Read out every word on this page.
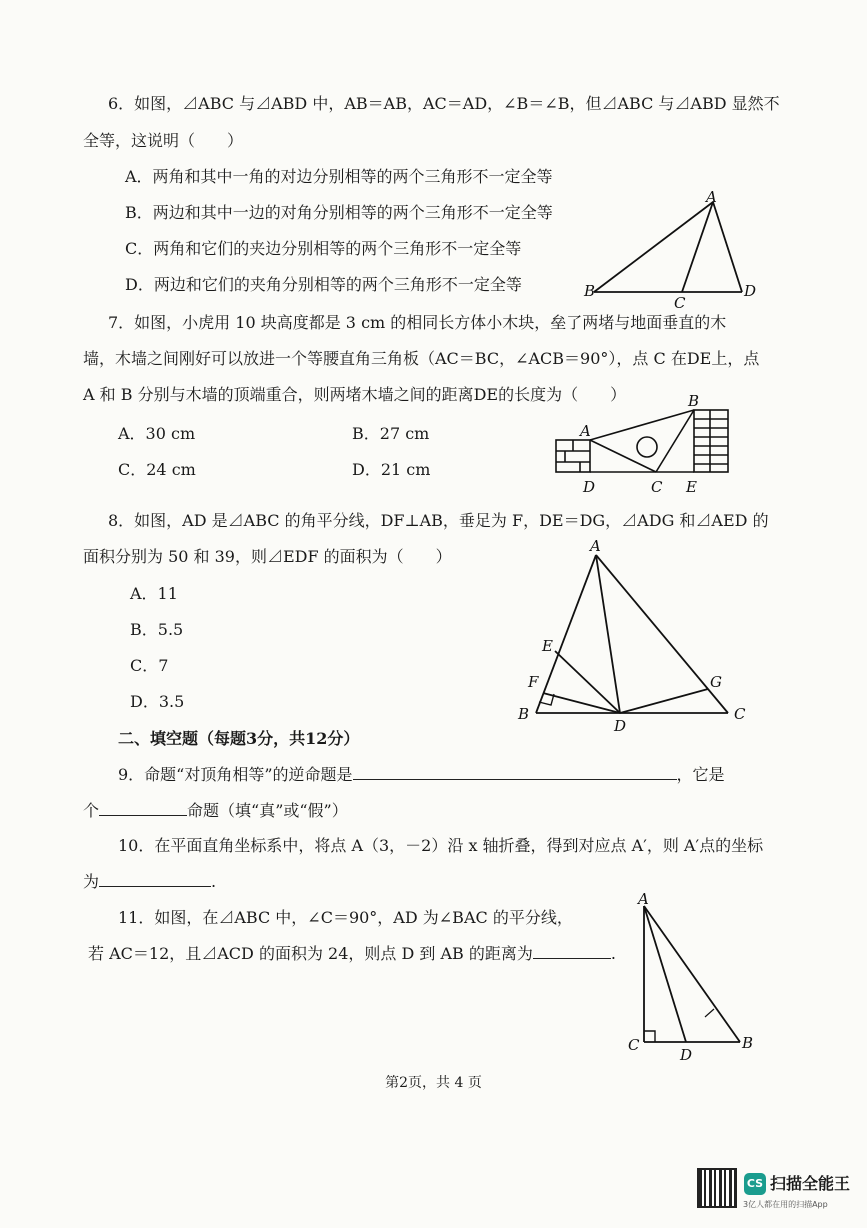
6．如图，⊿ABC 与⊿ABD 中，AB＝AB，AC＝AD，∠B＝∠B，但⊿ABC 与⊿ABD 显然不
全等，这说明（　　）
A．两角和其中一角的对边分别相等的两个三角形不一定全等
B．两边和其中一边的对角分别相等的两个三角形不一定全等
C．两角和它们的夹边分别相等的两个三角形不一定全等
D．两边和它们的夹角分别相等的两个三角形不一定全等
A
B
C
D
7．如图，小虎用 10 块高度都是 3 cm 的相同长方体小木块，垒了两堵与地面垂直的木
墙，木墙之间刚好可以放进一个等腰直角三角板（AC＝BC，∠ACB＝90°），点 C 在DE上，点
A 和 B 分别与木墙的顶端重合，则两堵木墙之间的距离DE的长度为（　　）
A．30 cm	B．27 cm
C．24 cm	D．21 cm
A
B
C
D	E
8．如图，AD 是⊿ABC 的角平分线，DF⊥AB，垂足为 F，DE＝DG，⊿ADG 和⊿AED 的
面积分别为 50 和 39，则⊿EDF 的面积为（　　）
A．11
B．5.5
C．7
D．3.5
A
B	C
D
E
F	G
二、填空题（每题3分，共12分）
9．命题“对顶角相等”的逆命题是	，它是
个	命题（填“真”或“假”）
10．在平面直角坐标系中，将点 A（3，－2）沿 x 轴折叠，得到对应点 A′，则 A′点的坐标
为	.
11．如图，在⊿ABC 中，∠C＝90°，AD 为∠BAC 的平分线，
若 AC＝12，且⊿ACD 的面积为 24，则点 D 到 AB 的距离为	.
A
C
D
B
第2页，共 4 页
CS 扫描全能王
3亿人都在用的扫描App
